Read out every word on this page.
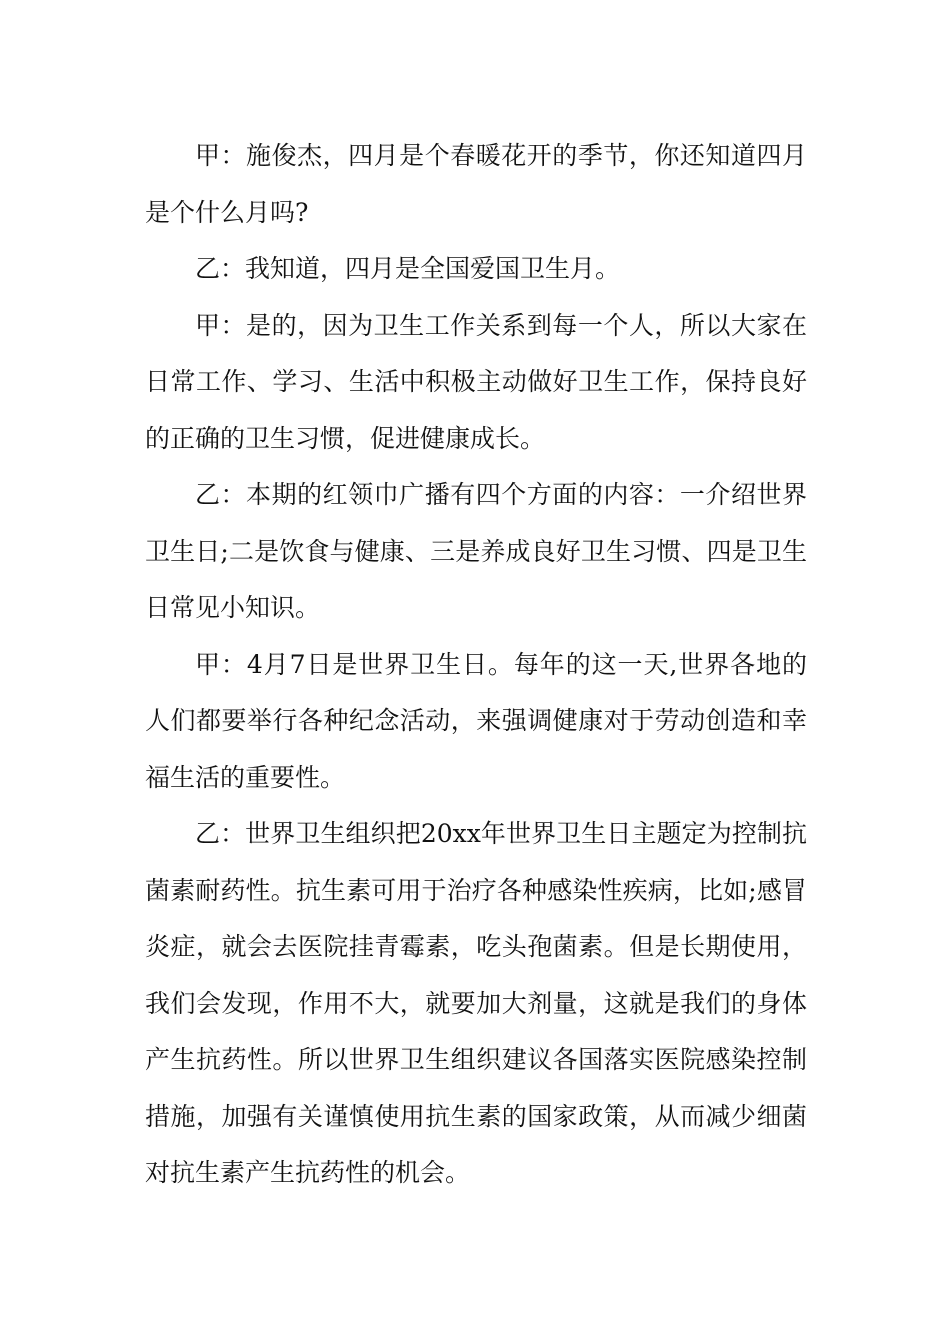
甲：施俊杰，四月是个春暖花开的季节，你还知道四月是个什么月吗?

乙：我知道，四月是全国爱国卫生月。

甲：是的，因为卫生工作关系到每一个人，所以大家在日常工作、学习、生活中积极主动做好卫生工作，保持良好的正确的卫生习惯，促进健康成长。

乙：本期的红领巾广播有四个方面的内容：一介绍世界卫生日;二是饮食与健康、三是养成良好卫生习惯、四是卫生日常见小知识。

甲：4月7日是世界卫生日。每年的这一天,世界各地的人们都要举行各种纪念活动，来强调健康对于劳动创造和幸福生活的重要性。

乙：世界卫生组织把20xx年世界卫生日主题定为控制抗菌素耐药性。抗生素可用于治疗各种感染性疾病，比如;感冒炎症，就会去医院挂青霉素，吃头孢菌素。但是长期使用，我们会发现，作用不大，就要加大剂量，这就是我们的身体产生抗药性。所以世界卫生组织建议各国落实医院感染控制措施，加强有关谨慎使用抗生素的国家政策，从而减少细菌对抗生素产生抗药性的机会。
